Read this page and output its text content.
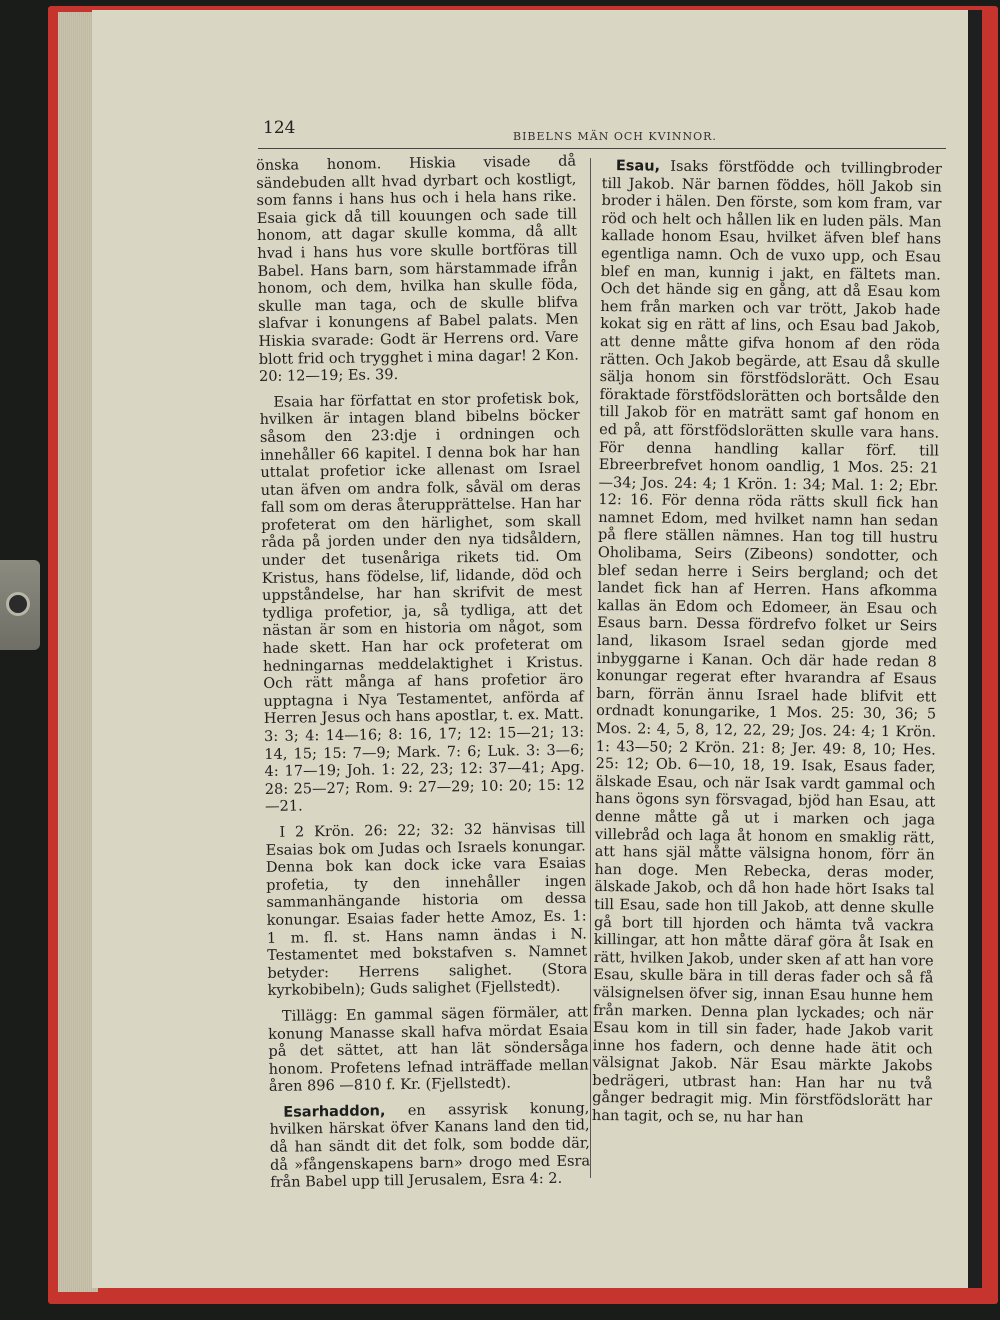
124	BIBELNS MÄN OCH KVINNOR.

önska honom. Hiskia visade då sändebuden allt hvad dyrbart och kostligt, som fanns i hans hus och i hela hans rike. Esaia gick då till kouungen och sade till honom, att dagar skulle komma, då allt hvad i hans hus vore skulle bortföras till Babel. Hans barn, som härstammade ifrån honom, och dem, hvilka han skulle föda, skulle man taga, och de skulle blifva slafvar i konungens af Babel palats. Men Hiskia svarade: Godt är Herrens ord. Vare blott frid och trygghet i mina dagar! 2 Kon. 20: 12—19; Es. 39.

Esaia har författat en stor profetisk bok, hvilken är intagen bland bibelns böcker såsom den 23:dje i ordningen och innehåller 66 kapitel. I denna bok har han uttalat profetior icke allenast om Israel utan äfven om andra folk, såväl om deras fall som om deras återupprättelse. Han har profeterat om den härlighet, som skall råda på jorden under den nya tidsåldern, under det tusenåriga rikets tid. Om Kristus, hans födelse, lif, lidande, död och uppståndelse, har han skrifvit de mest tydliga profetior, ja, så tydliga, att det nästan är som en historia om något, som hade skett. Han har ock profeterat om hedningarnas meddelaktighet i Kristus. Och rätt många af hans profetior äro upptagna i Nya Testamentet, anförda af Herren Jesus och hans apostlar, t. ex. Matt. 3: 3; 4: 14—16; 8: 16, 17; 12: 15—21; 13: 14, 15; 15: 7—9; Mark. 7: 6; Luk. 3: 3—6; 4: 17—19; Joh. 1: 22, 23; 12: 37—41; Apg. 28: 25—27; Rom. 9: 27—29; 10: 20; 15: 12—21.

I 2 Krön. 26: 22; 32: 32 hänvisas till Esaias bok om Judas och Israels konungar. Denna bok kan dock icke vara Esaias profetia, ty den innehåller ingen sammanhängande historia om dessa konungar. Esaias fader hette Amoz, Es. 1: 1 m. fl. st. Hans namn ändas i N. Testamentet med bokstafven s. Namnet betyder: Herrens salighet. (Stora kyrkobibeln); Guds salighet (Fjellstedt).

Tillägg: En gammal sägen förmäler, att konung Manasse skall hafva mördat Esaia på det sättet, att han lät söndersåga honom. Profetens lefnad inträffade mellan åren 896 —810 f. Kr. (Fjellstedt).

Esarhaddon, en assyrisk konung, hvilken härskat öfver Kanans land den tid, då han sändt dit det folk, som bodde där, då »fångenskapens barn» drogo med Esra från Babel upp till Jerusalem, Esra 4: 2.

Esau, Isaks förstfödde och tvillingbroder till Jakob. När barnen föddes, höll Jakob sin broder i hälen. Den förste, som kom fram, var röd och helt och hållen lik en luden päls. Man kallade honom Esau, hvilket äfven blef hans egentliga namn. Och de vuxo upp, och Esau blef en man, kunnig i jakt, en fältets man. Och det hände sig en gång, att då Esau kom hem från marken och var trött, Jakob hade kokat sig en rätt af lins, och Esau bad Jakob, att denne måtte gifva honom af den röda rätten. Och Jakob begärde, att Esau då skulle sälja honom sin förstfödslorätt. Och Esau föraktade förstfödslorätten och bortsålde den till Jakob för en maträtt samt gaf honom en ed på, att förstfödslorätten skulle vara hans. För denna handling kallar förf. till Ebreerbrefvet honom oandlig, 1 Mos. 25: 21—34; Jos. 24: 4; 1 Krön. 1: 34; Mal. 1: 2; Ebr. 12: 16. För denna röda rätts skull fick han namnet Edom, med hvilket namn han sedan på flere ställen nämnes. Han tog till hustru Oholibama, Seirs (Zibeons) sondotter, och blef sedan herre i Seirs bergland; och det landet fick han af Herren. Hans afkomma kallas än Edom och Edomeer, än Esau och Esaus barn. Dessa fördrefvo folket ur Seirs land, likasom Israel sedan gjorde med inbyggarne i Kanan. Och där hade redan 8 konungar regerat efter hvarandra af Esaus barn, förrän ännu Israel hade blifvit ett ordnadt konungarike, 1 Mos. 25: 30, 36; 5 Mos. 2: 4, 5, 8, 12, 22, 29; Jos. 24: 4; 1 Krön. 1: 43—50; 2 Krön. 21: 8; Jer. 49: 8, 10; Hes. 25: 12; Ob. 6—10, 18, 19. Isak, Esaus fader, älskade Esau, och när Isak vardt gammal och hans ögons syn försvagad, bjöd han Esau, att denne måtte gå ut i marken och jaga villebråd och laga åt honom en smaklig rätt, att hans själ måtte välsigna honom, förr än han doge. Men Rebecka, deras moder, älskade Jakob, och då hon hade hört Isaks tal till Esau, sade hon till Jakob, att denne skulle gå bort till hjorden och hämta två vackra killingar, att hon måtte däraf göra åt Isak en rätt, hvilken Jakob, under sken af att han vore Esau, skulle bära in till deras fader och så få välsignelsen öfver sig, innan Esau hunne hem från marken. Denna plan lyckades; och när Esau kom in till sin fader, hade Jakob varit inne hos fadern, och denne hade ätit och välsignat Jakob. När Esau märkte Jakobs bedrägeri, utbrast han: Han har nu två gånger bedragit mig. Min förstfödslorätt har han tagit, och se, nu har han
